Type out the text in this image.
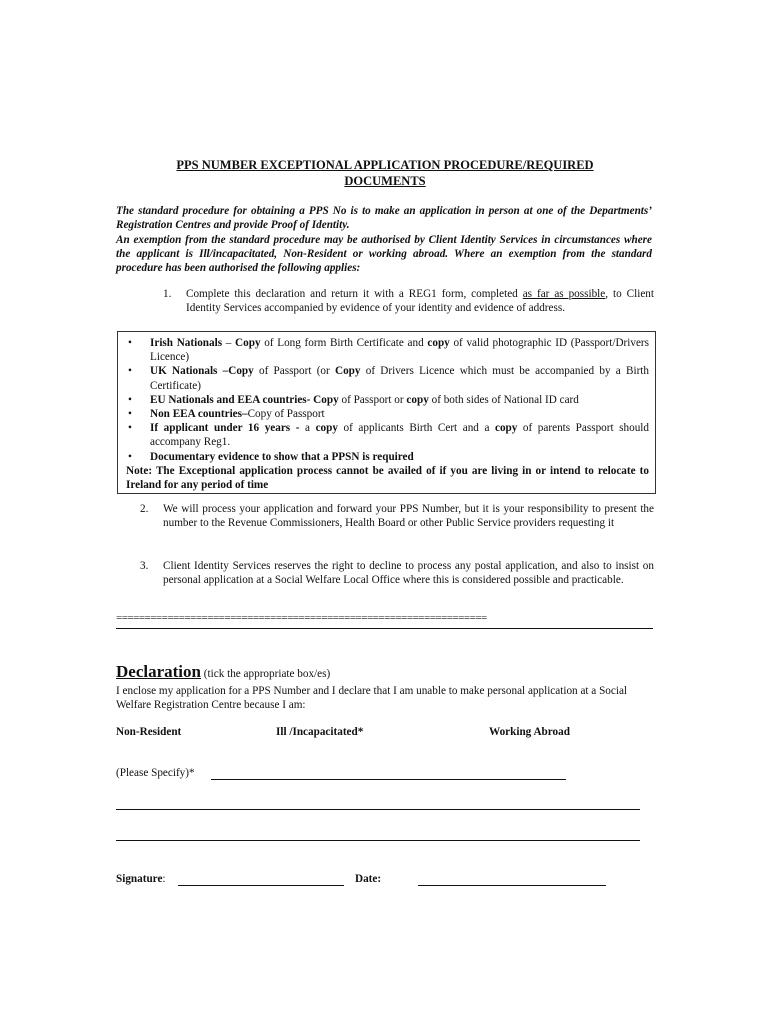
PPS NUMBER EXCEPTIONAL APPLICATION PROCEDURE/REQUIRED
DOCUMENTS

The standard procedure for obtaining a PPS No is to make an application in person at one of the Departments’ Registration Centres and provide Proof of Identity.

An exemption from the standard procedure may be authorised by Client Identity Services in circumstances where the applicant is Ill/incapacitated, Non-Resident or working abroad. Where an exemption from the standard procedure has been authorised the following applies:

1. Complete this declaration and return it with a REG1 form, completed as far as possible, to Client Identity Services accompanied by evidence of your identity and evidence of address.
• Irish Nationals – Copy of Long form Birth Certificate and copy of valid photographic ID (Passport/Drivers Licence)
• UK Nationals –Copy of Passport (or Copy of Drivers Licence which must be accompanied by a Birth Certificate)
• EU Nationals and EEA countries- Copy of Passport or copy of both sides of National ID card
• Non EEA countries–Copy of Passport
• If applicant under 16 years - a copy of applicants Birth Cert and a copy of parents Passport should accompany Reg1.
• Documentary evidence to show that a PPSN is required
Note: The Exceptional application process cannot be availed of if you are living in or intend to relocate to Ireland for any period of time
2. We will process your application and forward your PPS Number, but it is your responsibility to present the number to the Revenue Commissioners, Health Board or other Public Service providers requesting it
3. Client Identity Services reserves the right to decline to process any postal application, and also to insist on personal application at a Social Welfare Local Office where this is considered possible and practicable.
=================================================================
Declaration (tick the appropriate box/es)
I enclose my application for a PPS Number and I declare that I am unable to make personal application at a Social Welfare Registration Centre because I am:
Non-Resident	Ill /Incapacitated*	Working Abroad
(Please Specify)*
Signature:	Date:
